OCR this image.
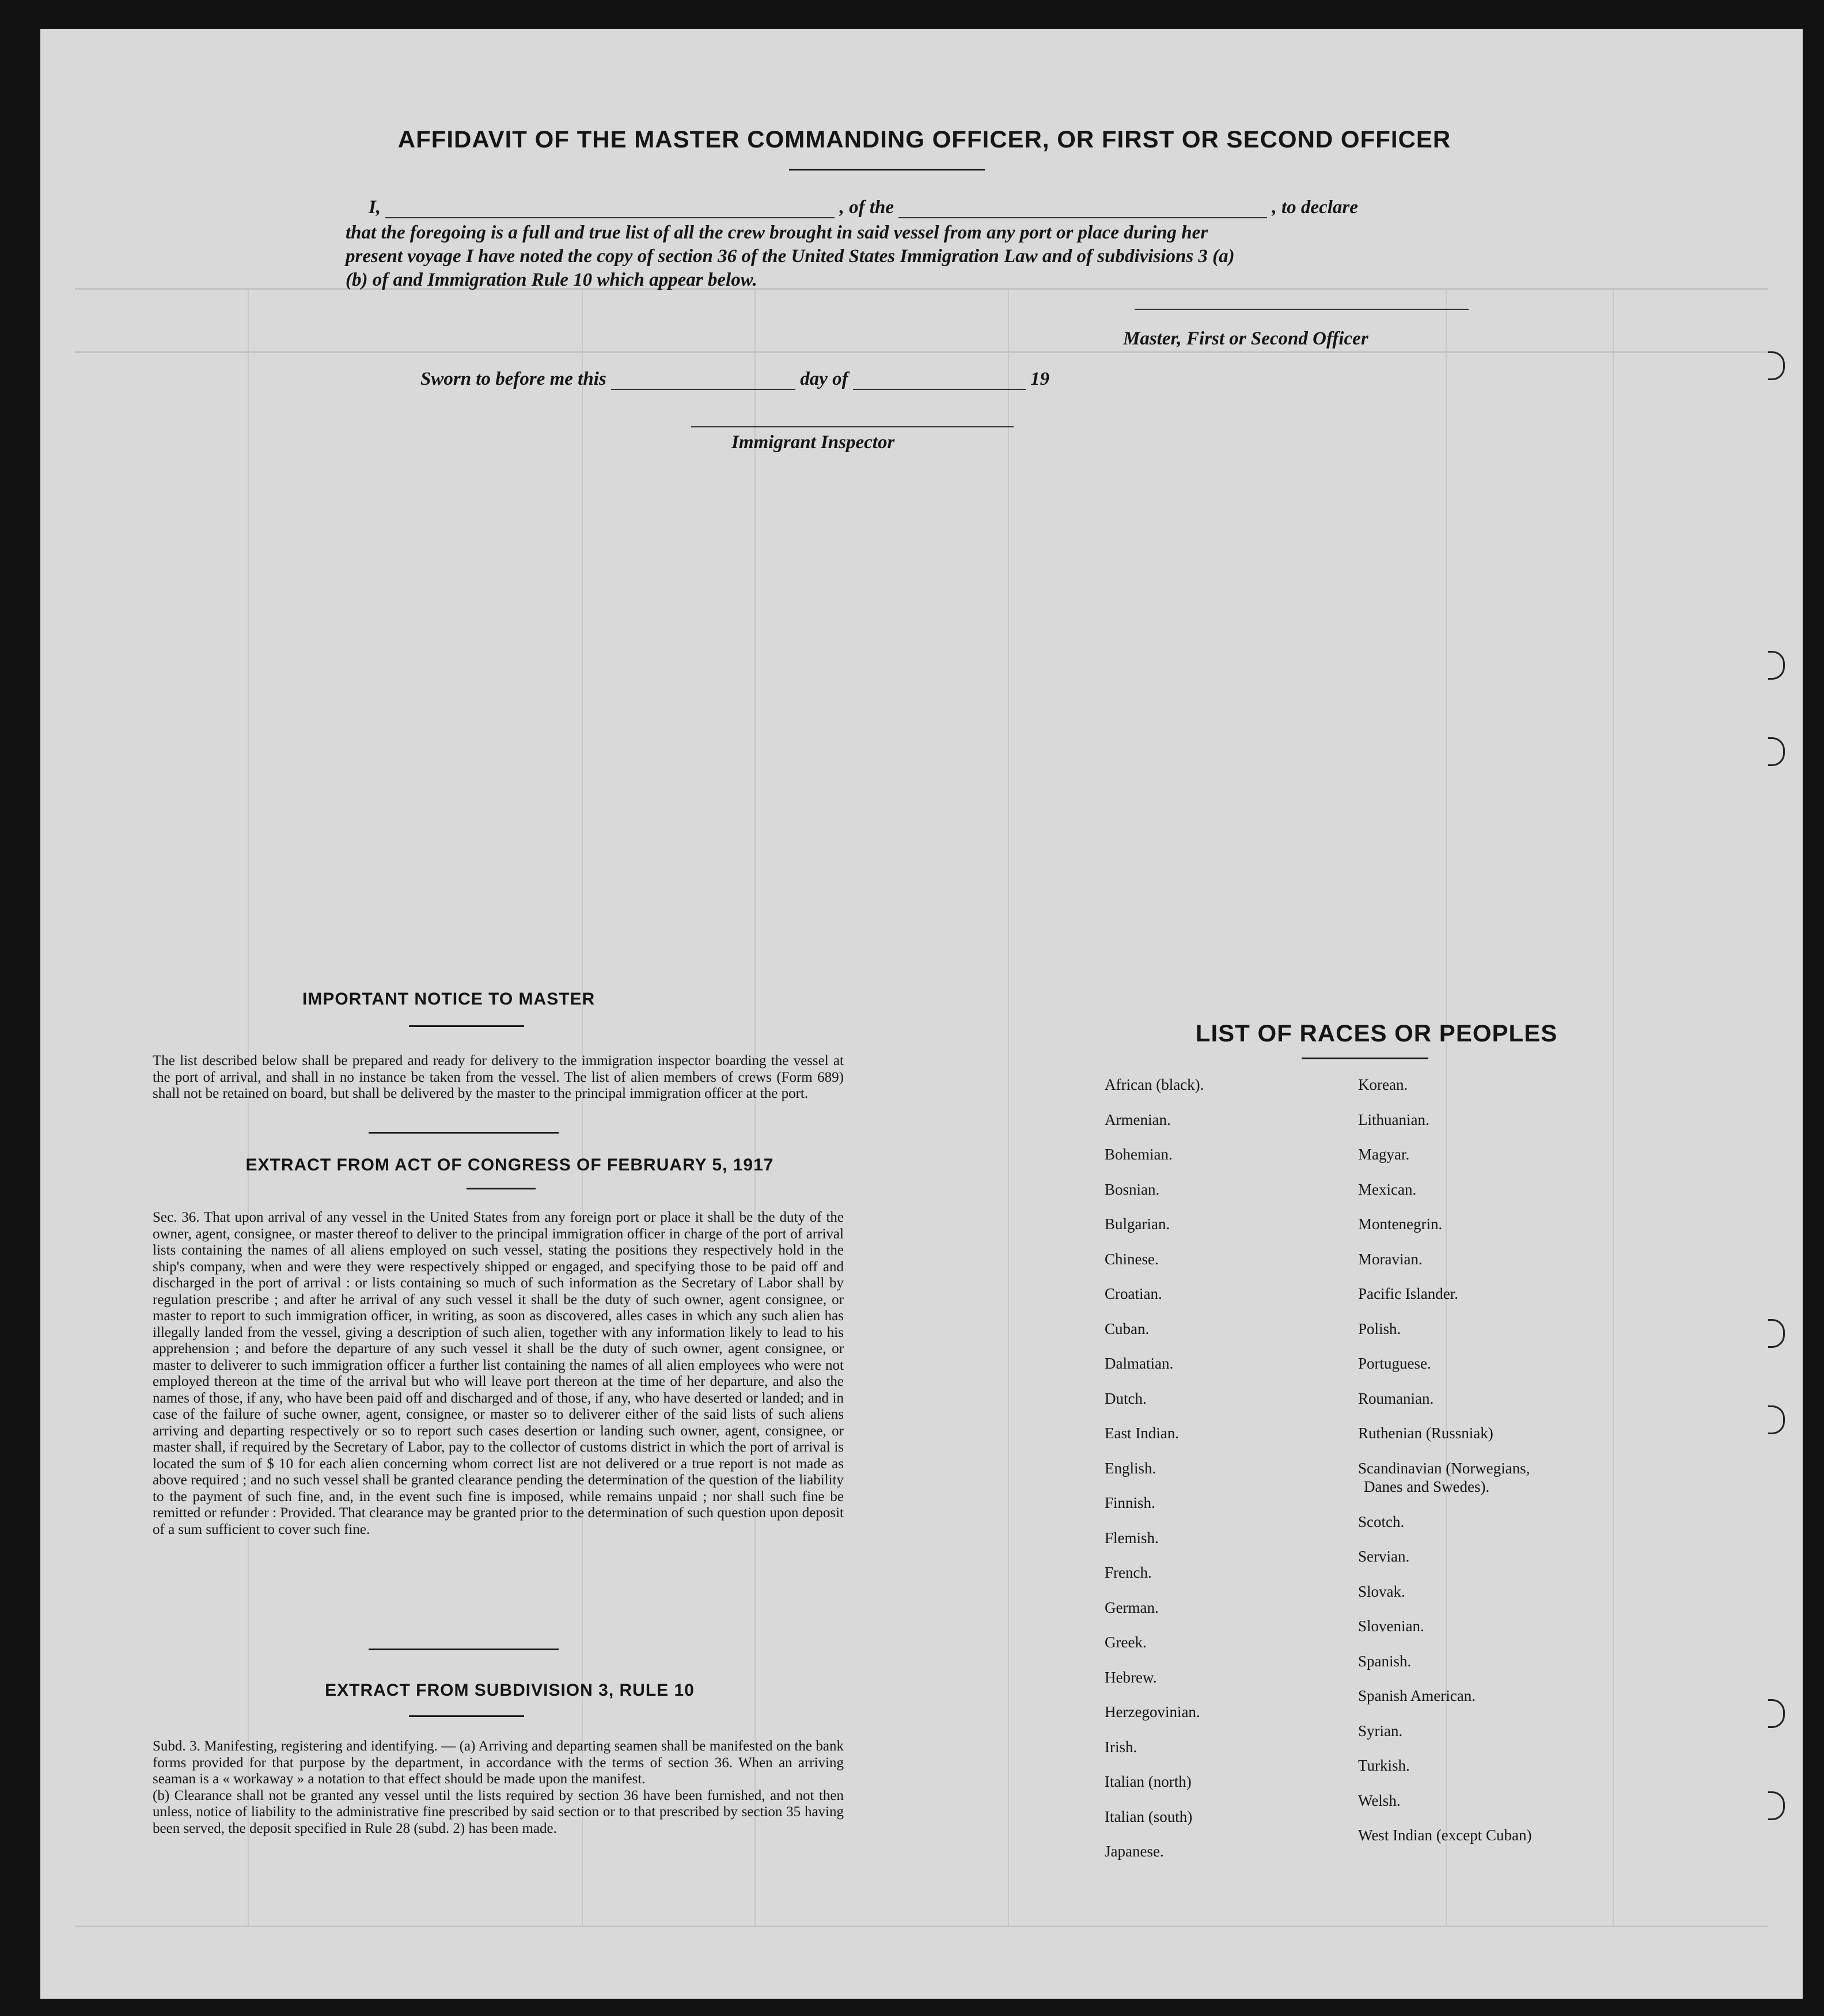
AFFIDAVIT OF THE MASTER COMMANDING OFFICER, OR FIRST OR SECOND OFFICER
I,	, of the	, to declare
that the foregoing is a full and true list of all the crew brought in said vessel from any port or place during her
present voyage I have noted the copy of section 36 of the United States Immigration Law and of subdivisions 3 (a)
(b) of and Immigration Rule 10 which appear below.
Master, First or Second Officer
Sworn to before me this	day of	19
Immigrant Inspector
IMPORTANT NOTICE TO MASTER

The list described below shall be prepared and ready for delivery to the immigration inspector boarding the vessel at the port of arrival, and shall in no instance be taken from the vessel. The list of alien members of crews (Form 689) shall not be retained on board, but shall be delivered by the master to the principal immigration officer at the port.

EXTRACT FROM ACT OF CONGRESS OF FEBRUARY 5, 1917

Sec. 36. That upon arrival of any vessel in the United States from any foreign port or place it shall be the duty of the owner, agent, consignee, or master thereof to deliver to the principal immigration officer in charge of the port of arrival lists containing the names of all aliens employed on such vessel, stating the positions they respectively hold in the ship's company, when and were they were respectively shipped or engaged, and specifying those to be paid off and discharged in the port of arrival : or lists containing so much of such information as the Secretary of Labor shall by regulation prescribe ; and after he arrival of any such vessel it shall be the duty of such owner, agent consignee, or master to report to such immigration officer, in writing, as soon as discovered, alles cases in which any such alien has illegally landed from the vessel, giving a description of such alien, together with any information likely to lead to his apprehension ; and before the departure of any such vessel it shall be the duty of such owner, agent consignee, or master to deliverer to such immigration officer a further list containing the names of all alien employees who were not employed thereon at the time of the arrival but who will leave port thereon at the time of her departure, and also the names of those, if any, who have been paid off and discharged and of those, if any, who have deserted or landed; and in case of the failure of suche owner, agent, consignee, or master so to deliverer either of the said lists of such aliens arriving and departing respectively or so to report such cases desertion or landing such owner, agent, consignee, or master shall, if required by the Secretary of Labor, pay to the collector of customs district in which the port of arrival is located the sum of $ 10 for each alien concerning whom correct list are not delivered or a true report is not made as above required ; and no such vessel shall be granted clearance pending the determination of the question of the liability to the payment of such fine, and, in the event such fine is imposed, while remains unpaid ; nor shall such fine be remitted or refunder : Provided. That clearance may be granted prior to the determination of such question upon deposit of a sum sufficient to cover such fine.

EXTRACT FROM SUBDIVISION 3, RULE 10

Subd. 3. Manifesting, registering and identifying. — (a) Arriving and departing seamen shall be manifested on the bank forms provided for that purpose by the department, in accordance with the terms of section 36. When an arriving seaman is a « workaway » a notation to that effect should be made upon the manifest.

(b) Clearance shall not be granted any vessel until the lists required by section 36 have been furnished, and not then unless, notice of liability to the administrative fine prescribed by said section or to that prescribed by section 35 having been served, the deposit specified in Rule 28 (subd. 2) has been made.

LIST OF RACES OR PEOPLES
African (black).
Armenian.
Bohemian.
Bosnian.
Bulgarian.
Chinese.
Croatian.
Cuban.
Dalmatian.
Dutch.
East Indian.
English.
Finnish.
Flemish.
French.
German.
Greek.
Hebrew.
Herzegovinian.
Irish.
Italian (north)
Italian (south)
Japanese.
Korean.
Lithuanian.
Magyar.
Mexican.
Montenegrin.
Moravian.
Pacific Islander.
Polish.
Portuguese.
Roumanian.
Ruthenian (Russniak)
Scandinavian (Norwegians,
Danes and Swedes).
Scotch.
Servian.
Slovak.
Slovenian.
Spanish.
Spanish American.
Syrian.
Turkish.
Welsh.
West Indian (except Cuban)
